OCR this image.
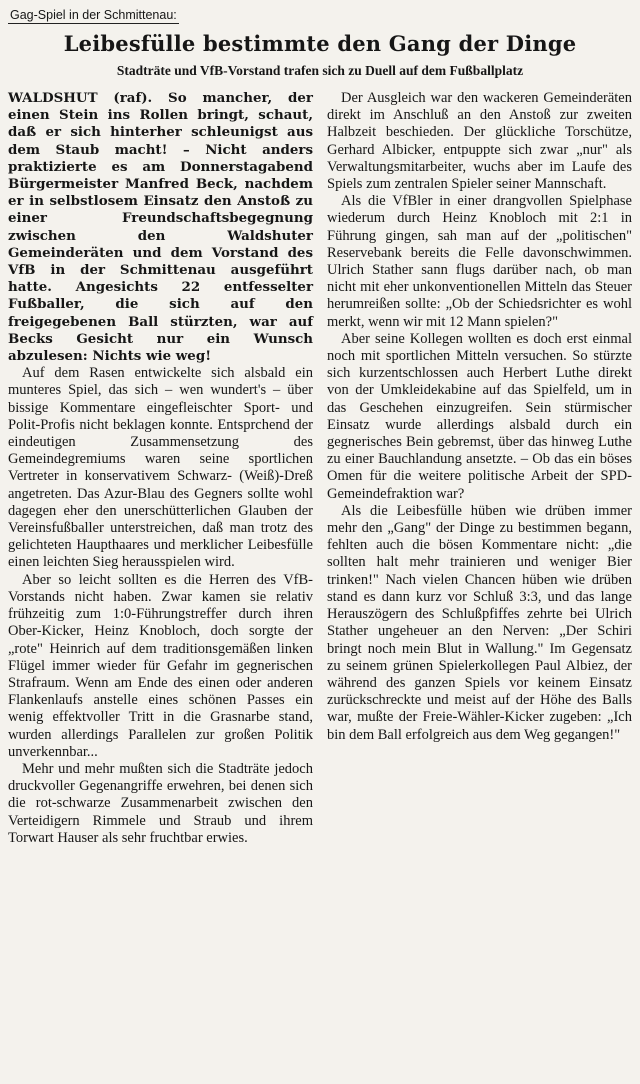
Gag-Spiel in der Schmittenau:
Leibesfülle bestimmte den Gang der Dinge
Stadträte und VfB-Vorstand trafen sich zu Duell auf dem Fußballplatz

WALDSHUT (raf). So mancher, der einen Stein ins Rollen bringt, schaut, daß er sich hinterher schleunigst aus dem Staub macht! – Nicht anders praktizierte es am Donnerstagabend Bürgermeister Manfred Beck, nachdem er in selbstlosem Einsatz den Anstoß zu einer Freundschaftsbegegnung zwischen den Waldshuter Gemeinderäten und dem Vorstand des VfB in der Schmittenau ausgeführt hatte. Angesichts 22 entfesselter Fußballer, die sich auf den freigegebenen Ball stürzten, war auf Becks Gesicht nur ein Wunsch abzulesen: Nichts wie weg!

Auf dem Rasen entwickelte sich alsbald ein munteres Spiel, das sich – wen wundert's – über bissige Kommentare eingefleischter Sport- und Polit-Profis nicht beklagen konnte. Entsprchend der eindeutigen Zusammensetzung des Gemeindegremiums waren seine sportlichen Vertreter in konservativem Schwarz- (Weiß)-Dreß angetreten. Das Azur-Blau des Gegners sollte wohl dagegen eher den unerschütterlichen Glauben der Vereinsfußballer unterstreichen, daß man trotz des gelichteten Haupthaares und merklicher Leibesfülle einen leichten Sieg herausspielen wird.

Aber so leicht sollten es die Herren des VfB-Vorstands nicht haben. Zwar kamen sie relativ frühzeitig zum 1:0-Führungstreffer durch ihren Ober-Kicker, Heinz Knobloch, doch sorgte der „rote" Heinrich auf dem traditionsgemäßen linken Flügel immer wieder für Gefahr im gegnerischen Strafraum. Wenn am Ende des einen oder anderen Flankenlaufs anstelle eines schönen Passes ein wenig effektvoller Tritt in die Grasnarbe stand, wurden allerdings Parallelen zur großen Politik unverkennbar...

Mehr und mehr mußten sich die Stadträte jedoch druckvoller Gegenangriffe erwehren, bei denen sich die rot-schwarze Zusammenarbeit zwischen den Verteidigern Rimmele und Straub und ihrem Torwart Hauser als sehr fruchtbar erwies.

Der Ausgleich war den wackeren Gemeinderäten direkt im Anschluß an den Anstoß zur zweiten Halbzeit beschieden. Der glückliche Torschütze, Gerhard Albicker, entpuppte sich zwar „nur" als Verwaltungsmitarbeiter, wuchs aber im Laufe des Spiels zum zentralen Spieler seiner Mannschaft.

Als die VfBler in einer drangvollen Spielphase wiederum durch Heinz Knobloch mit 2:1 in Führung gingen, sah man auf der „politischen" Reservebank bereits die Felle davonschwimmen. Ulrich Stather sann flugs darüber nach, ob man nicht mit eher unkonventionellen Mitteln das Steuer herumreißen sollte: „Ob der Schiedsrichter es wohl merkt, wenn wir mit 12 Mann spielen?"

Aber seine Kollegen wollten es doch erst einmal noch mit sportlichen Mitteln versuchen. So stürzte sich kurzentschlossen auch Herbert Luthe direkt von der Umkleidekabine auf das Spielfeld, um in das Geschehen einzugreifen. Sein stürmischer Einsatz wurde allerdings alsbald durch ein gegnerisches Bein gebremst, über das hinweg Luthe zu einer Bauchlandung ansetzte. – Ob das ein böses Omen für die weitere politische Arbeit der SPD-Gemeindefraktion war?

Als die Leibesfülle hüben wie drüben immer mehr den „Gang" der Dinge zu bestimmen begann, fehlten auch die bösen Kommentare nicht: „die sollten halt mehr trainieren und weniger Bier trinken!" Nach vielen Chancen hüben wie drüben stand es dann kurz vor Schluß 3:3, und das lange Herauszögern des Schlußpfiffes zehrte bei Ulrich Stather ungeheuer an den Nerven: „Der Schiri bringt noch mein Blut in Wallung." Im Gegensatz zu seinem grünen Spielerkollegen Paul Albiez, der während des ganzen Spiels vor keinem Einsatz zurückschreckte und meist auf der Höhe des Balls war, mußte der Freie-Wähler-Kicker zugeben: „Ich bin dem Ball erfolgreich aus dem Weg gegangen!"
